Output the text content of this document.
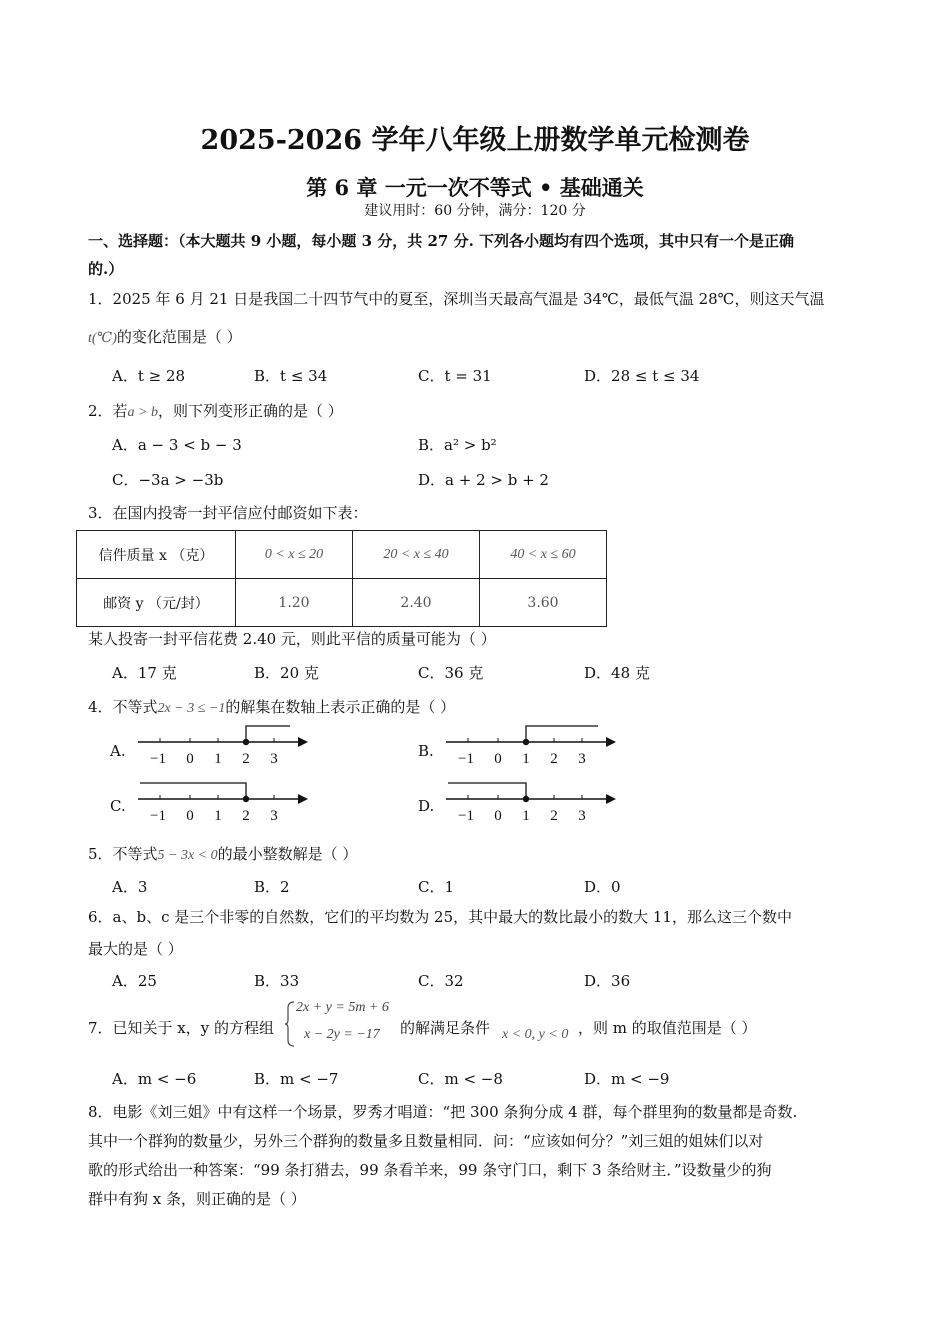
2025-2026 学年八年级上册数学单元检测卷
第 6 章 一元一次不等式 • 基础通关
建议用时：60 分钟，满分：120 分
一、选择题：（本大题共 9 小题，每小题 3 分，共 27 分. 下列各小题均有四个选项，其中只有一个是正确
的.）
1．2025 年 6 月 21 日是我国二十四节气中的夏至，深圳当天最高气温是 34℃，最低气温 28℃，则这天气温
t(℃)的变化范围是（ ）
A．t ≥ 28	B．t ≤ 34	C．t = 31	D．28 ≤ t ≤ 34
2．若a > b，则下列变形正确的是（ ）
A．a − 3 < b − 3	B．a² > b²
C．−3a > −3b	D．a + 2 > b + 2
3．在国内投寄一封平信应付邮资如下表：
信件质量 x （克）	0 < x ≤ 20	20 < x ≤ 40	40 < x ≤ 60
邮资 y （元/封）	1.20	2.40	3.60
某人投寄一封平信花费 2.40 元，则此平信的质量可能为（ ）
A．17 克	B．20 克	C．36 克	D．48 克
4．不等式2x − 3 ≤ −1的解集在数轴上表示正确的是（ ）
A. −1 0 1 2 3	B. −1 0 1 2 3
C.
−1 0 1 2 3
D.
−1 0 1 2 3
5．不等式5 − 3x < 0的最小整数解是（ ）
A．3	B．2	C．1	D．0
6．a、b、c 是三个非零的自然数，它们的平均数为 25，其中最大的数比最小的数大 11，那么这三个数中
最大的是（ ）
A．25	B．33	C．32	D．36
7．已知关于 x，y 的方程组
2x + y = 5m + 6
x − 2y = −17 的解满足条件 x < 0, y < 0 ，则 m 的取值范围是（ ）
A．m < −6	B．m < −7	C．m < −8	D．m < −9
8．电影《刘三姐》中有这样一个场景，罗秀才唱道：“把 300 条狗分成 4 群，每个群里狗的数量都是奇数.
其中一个群狗的数量少，另外三个群狗的数量多且数量相同．问：“应该如何分？”刘三姐的姐妹们以对
歌的形式给出一种答案：“99 条打猎去，99 条看羊来，99 条守门口，剩下 3 条给财主．”设数量少的狗
群中有狗 x 条，则正确的是（ ）
